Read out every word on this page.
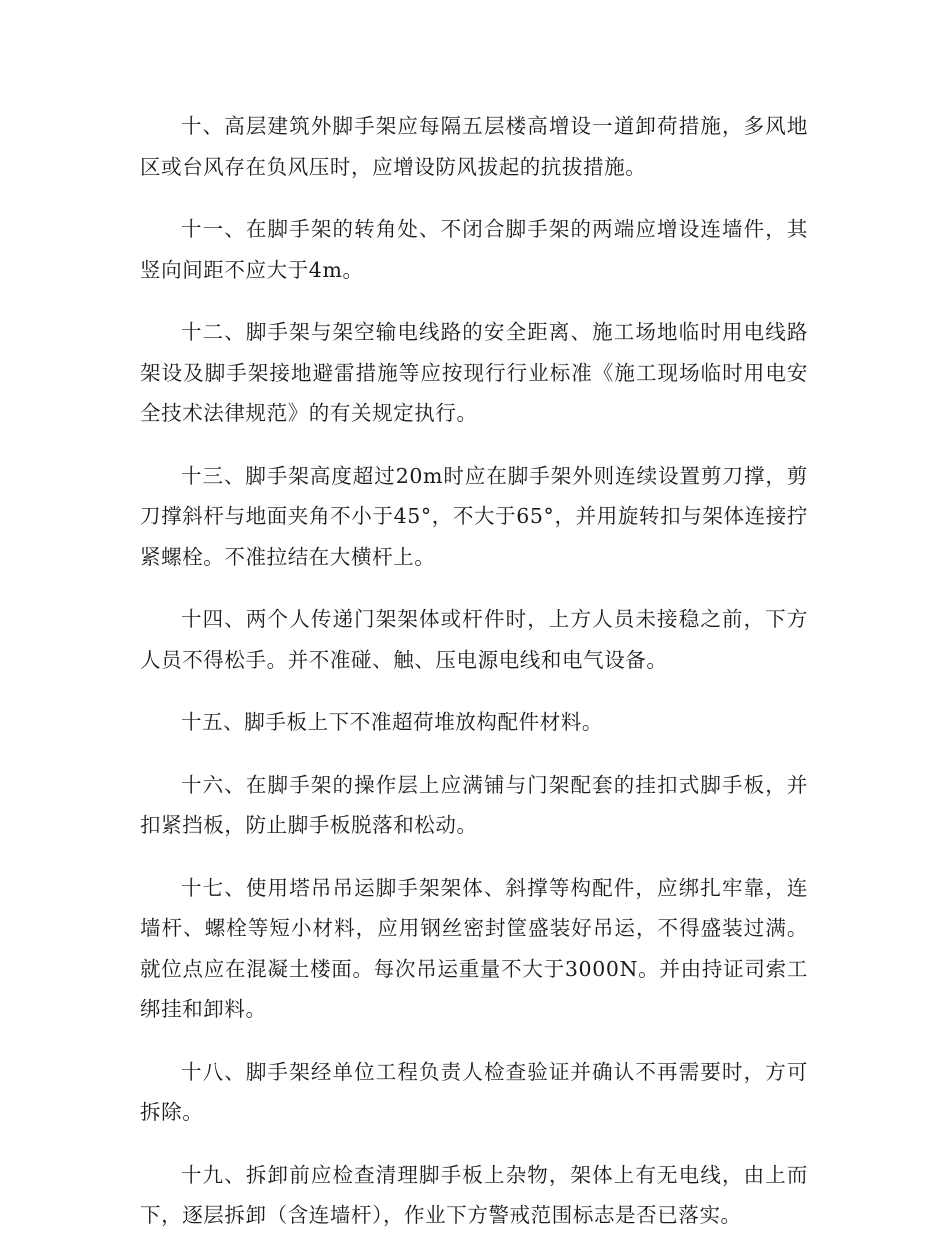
十、高层建筑外脚手架应每隔五层楼高增设一道卸荷措施，多风地区或台风存在负风压时，应增设防风拔起的抗拔措施。

十一、在脚手架的转角处、不闭合脚手架的两端应增设连墙件，其竖向间距不应大于4m。

十二、脚手架与架空输电线路的安全距离、施工场地临时用电线路架设及脚手架接地避雷措施等应按现行行业标准《施工现场临时用电安全技术法律规范》的有关规定执行。

十三、脚手架高度超过20m时应在脚手架外则连续设置剪刀撑，剪刀撑斜杆与地面夹角不小于45°，不大于65°，并用旋转扣与架体连接拧紧螺栓。不准拉结在大横杆上。

十四、两个人传递门架架体或杆件时，上方人员未接稳之前，下方人员不得松手。并不准碰、触、压电源电线和电气设备。

十五、脚手板上下不准超荷堆放构配件材料。

十六、在脚手架的操作层上应满铺与门架配套的挂扣式脚手板，并扣紧挡板，防止脚手板脱落和松动。

十七、使用塔吊吊运脚手架架体、斜撑等构配件，应绑扎牢靠，连墙杆、螺栓等短小材料，应用钢丝密封筐盛装好吊运，不得盛装过满。就位点应在混凝土楼面。每次吊运重量不大于3000N。并由持证司索工绑挂和卸料。

十八、脚手架经单位工程负责人检查验证并确认不再需要时，方可拆除。

十九、拆卸前应检查清理脚手板上杂物，架体上有无电线，由上而下，逐层拆卸（含连墙杆），作业下方警戒范围标志是否已落实。
